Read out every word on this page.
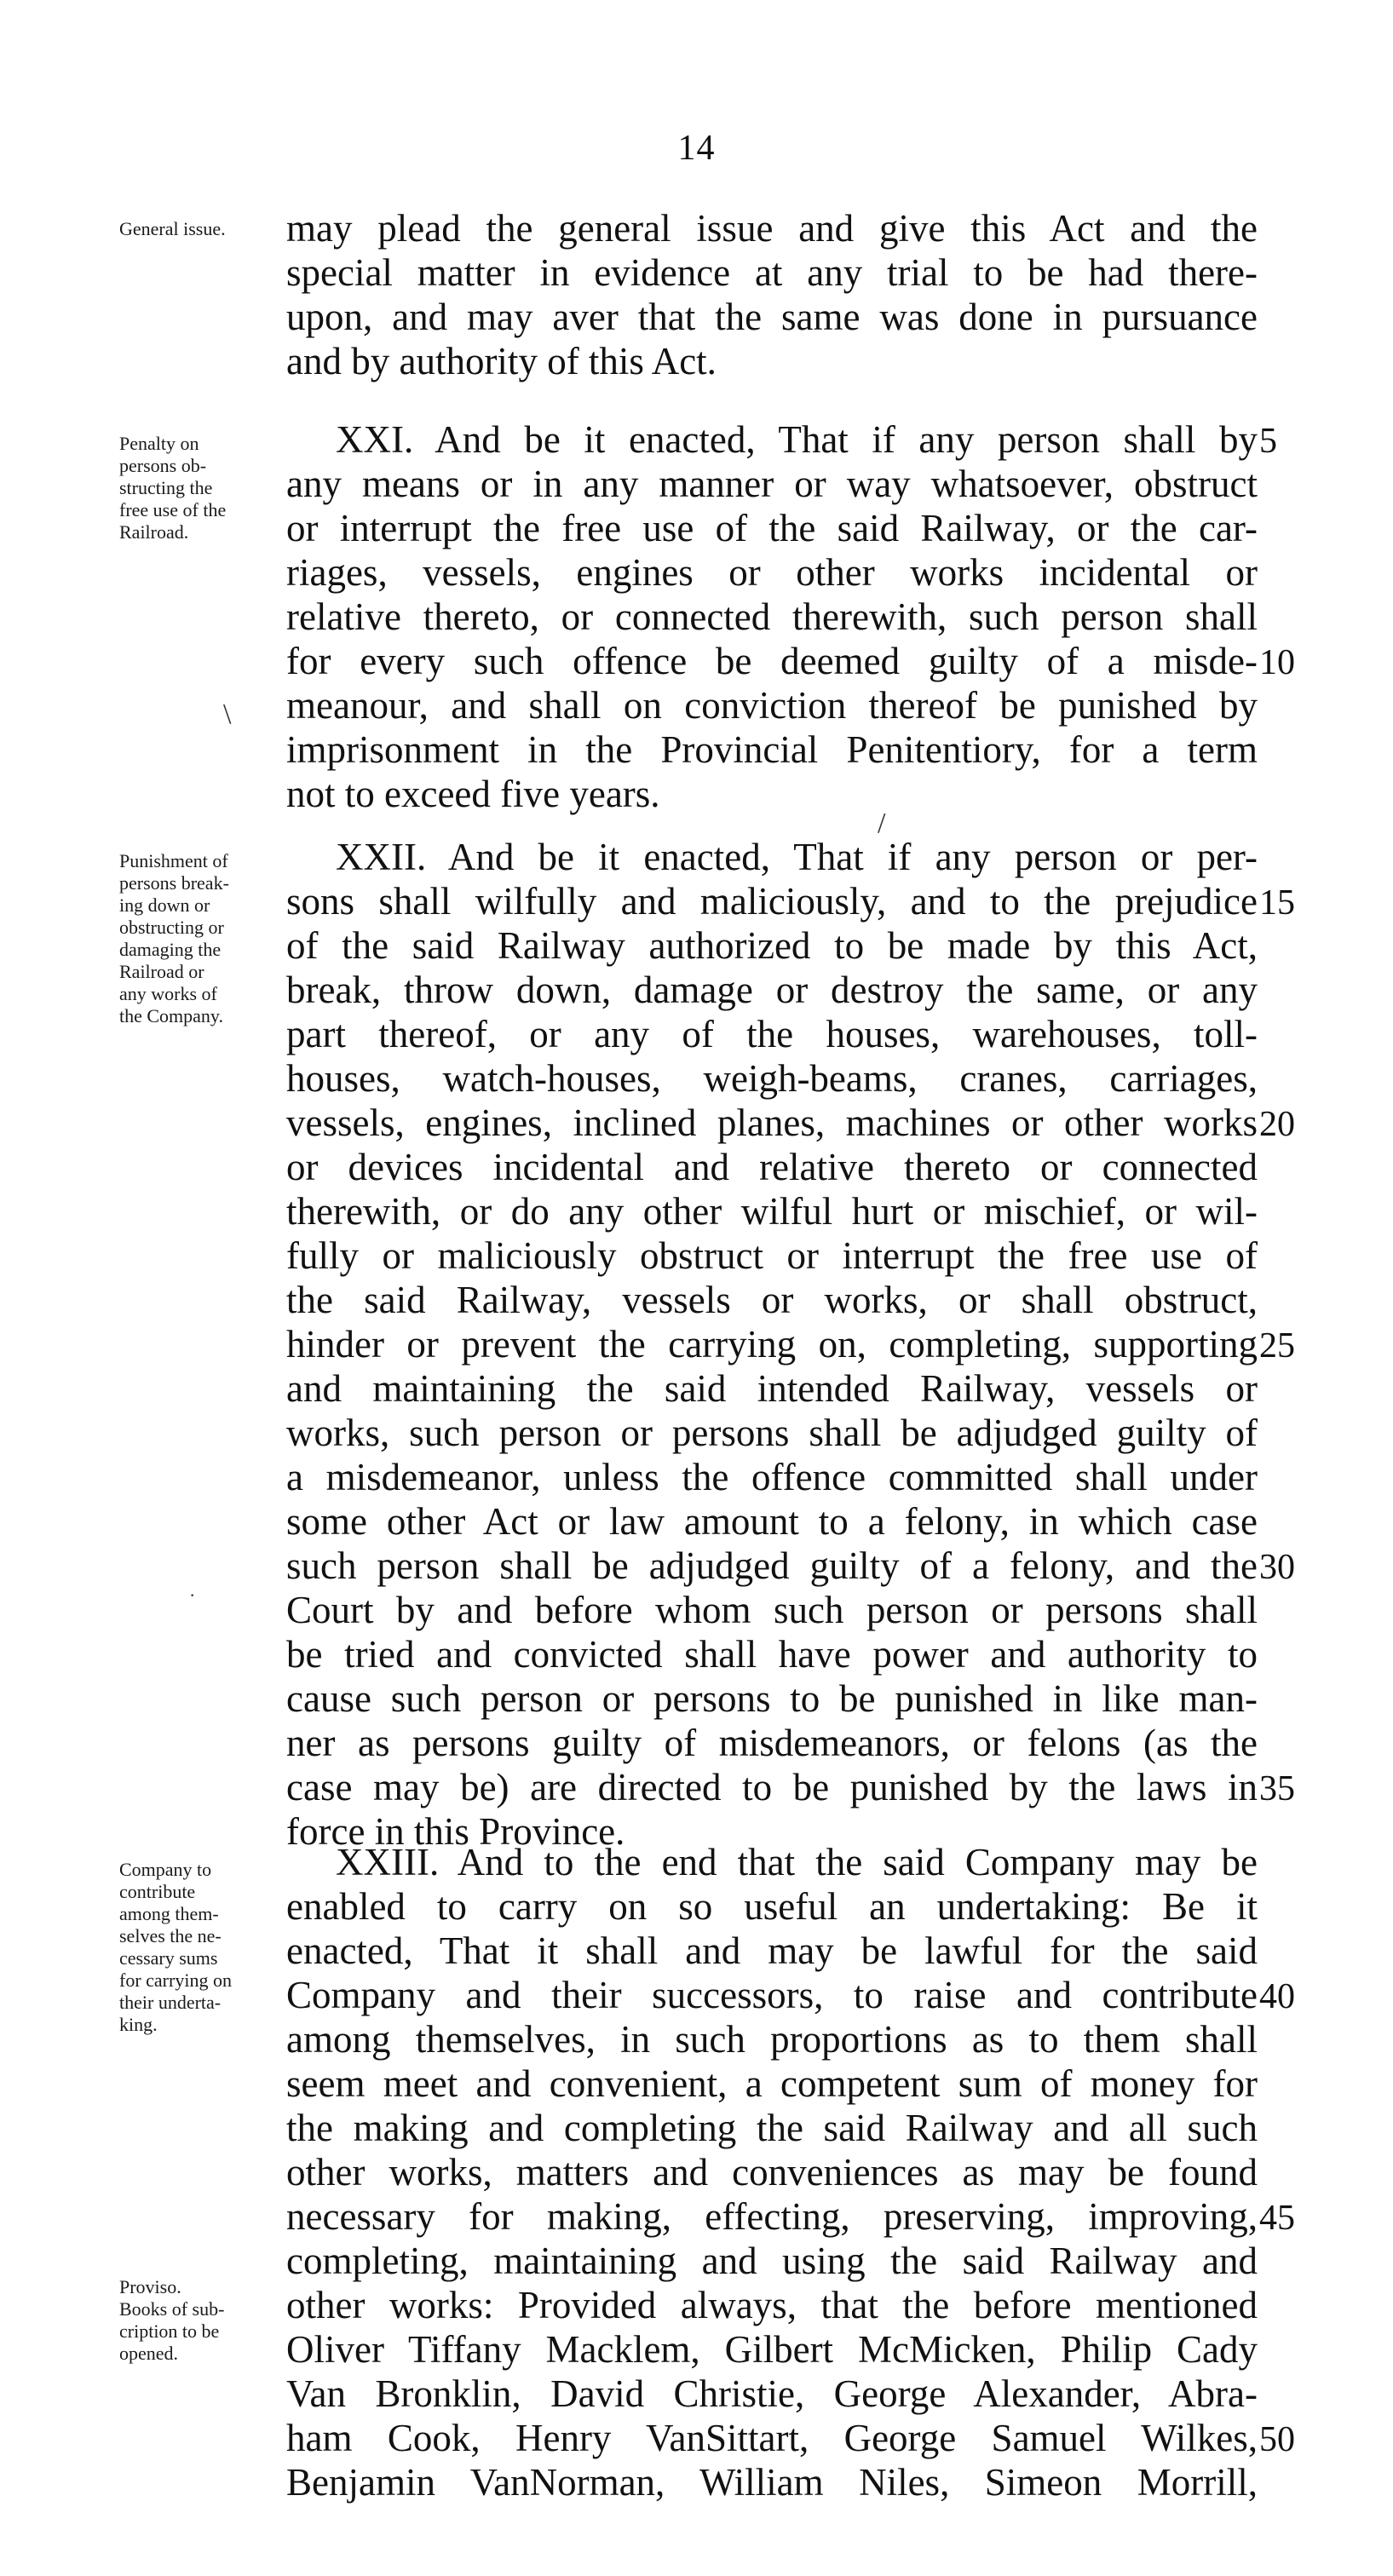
14
General issue.	may plead the general issue and give this Act and the
special matter in evidence at any trial to be had there-
upon, and may aver that the same was done in pursuance
and by authority of this Act.
Penalty on
persons ob-
structing the
free use of the
Railroad.
XXI. And be it enacted, That if any person shall by
any means or in any manner or way whatsoever, obstruct
or interrupt the free use of the said Railway, or the car-
riages, vessels, engines or other works incidental or
relative thereto, or connected therewith, such person shall
for every such offence be deemed guilty of a misde-
meanour, and shall on conviction thereof be punished by
imprisonment in the Provincial Penitentiory, for a term
not to exceed five years.
5
10
\
/
Punishment of
persons break-
ing down or
obstructing or
damaging the
Railroad or
any works of
the Company.
XXII. And be it enacted, That if any person or per-
sons shall wilfully and maliciously, and to the prejudice
of the said Railway authorized to be made by this Act,
break, throw down, damage or destroy the same, or any
part thereof, or any of the houses, warehouses, toll-
houses, watch-houses, weigh-beams, cranes, carriages,
vessels, engines, inclined planes, machines or other works
or devices incidental and relative thereto or connected
therewith, or do any other wilful hurt or mischief, or wil-
fully or maliciously obstruct or interrupt the free use of
the said Railway, vessels or works, or shall obstruct,
hinder or prevent the carrying on, completing, supporting
and maintaining the said intended Railway, vessels or
works, such person or persons shall be adjudged guilty of
a misdemeanor, unless the offence committed shall under
some other Act or law amount to a felony, in which case
such person shall be adjudged guilty of a felony, and the
Court by and before whom such person or persons shall
be tried and convicted shall have power and authority to
cause such person or persons to be punished in like man-
ner as persons guilty of misdemeanors, or felons (as the
case may be) are directed to be punished by the laws in
force in this Province.
15
20
25
30
35
·
Company to
contribute
among them-
selves the ne-
cessary sums
for carrying on
their underta-
king.
XXIII. And to the end that the said Company may be
enabled to carry on so useful an undertaking: Be it
enacted, That it shall and may be lawful for the said
Company and their successors, to raise and contribute
among themselves, in such proportions as to them shall
seem meet and convenient, a competent sum of money for
the making and completing the said Railway and all such
other works, matters and conveniences as may be found
necessary for making, effecting, preserving, improving,
completing, maintaining and using the said Railway and
other works: Provided always, that the before mentioned
Oliver Tiffany Macklem, Gilbert McMicken, Philip Cady
Van Bronklin, David Christie, George Alexander, Abra-
ham Cook, Henry VanSittart, George Samuel Wilkes,
Benjamin VanNorman, William Niles, Simeon Morrill,
40
45
50
Proviso.
Books of sub-
cription to be
opened.
